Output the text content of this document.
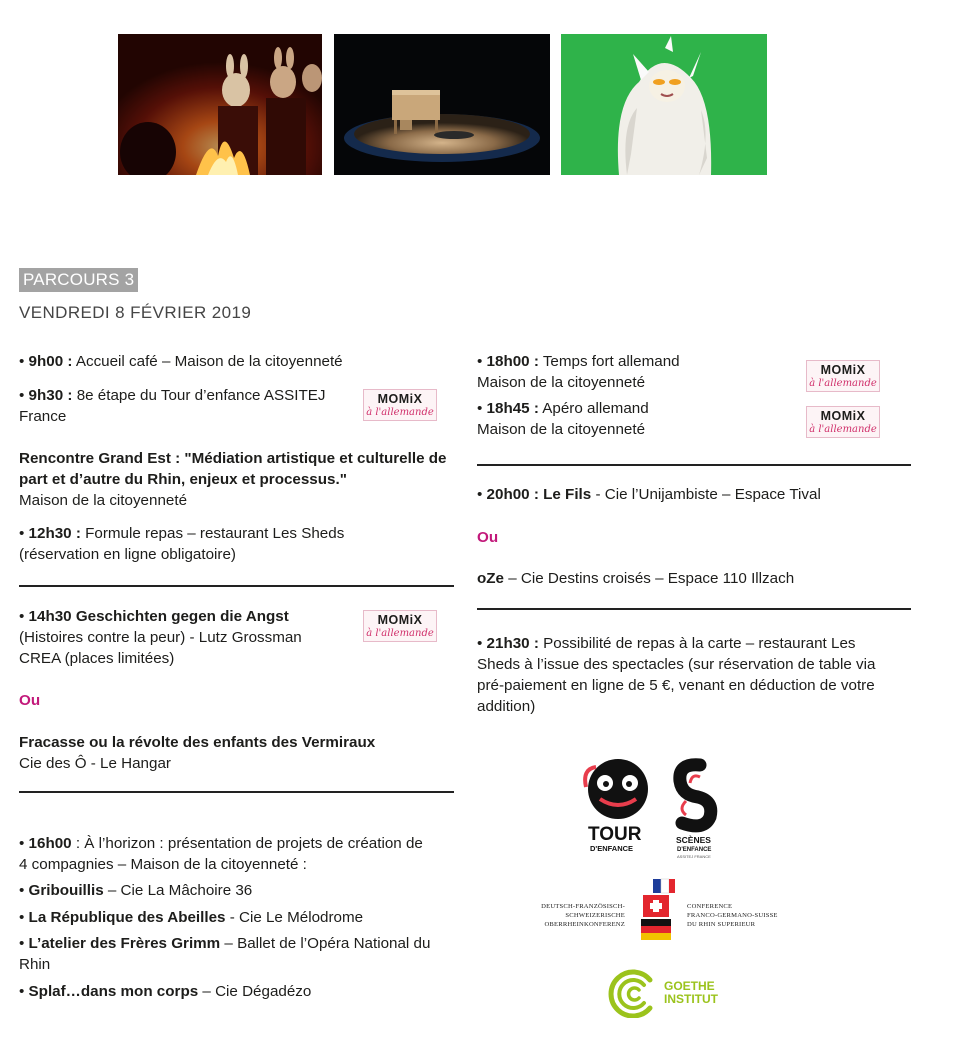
PARCOURS 3
VENDREDI 8 FÉVRIER 2019
• 9h00 : Accueil café – Maison de la citoyenneté
• 9h30 : 8e étape du Tour d’enfance ASSITEJ
France
MOMiX
à l'allemande
Rencontre Grand Est : "Médiation artistique et culturelle de
part et d’autre du Rhin, enjeux et processus."
Maison de la citoyenneté
• 12h30 : Formule repas – restaurant Les Sheds
(réservation en ligne obligatoire)
• 14h30 Geschichten gegen die Angst
(Histoires contre la peur) - Lutz Grossman
CREA (places limitées)
MOMiX
à l'allemande
Ou
Fracasse ou la révolte des enfants des Vermiraux
Cie des Ô - Le Hangar
• 16h00 : À l’horizon : présentation de projets de création de
4 compagnies – Maison de la citoyenneté :
• Gribouillis – Cie La Mâchoire 36
• La République des Abeilles - Cie Le Mélodrome
• L’atelier des Frères Grimm – Ballet de l’Opéra National du
Rhin
• Splaf…dans mon corps – Cie Dégadézo
• 18h00 : Temps fort allemand
Maison de la citoyenneté
MOMiX
à l'allemande
• 18h45 : Apéro allemand
Maison de la citoyenneté
MOMiX
à l'allemande
• 20h00 : Le Fils - Cie l’Unijambiste – Espace Tival
Ou
oZe – Cie Destins croisés – Espace 110 Illzach
• 21h30 : Possibilité de repas à la carte – restaurant Les
Sheds à l’issue des spectacles (sur réservation de table via
pré-paiement en ligne de 5 €, venant en déduction de votre
addition)
TOUR
D'ENFANCE
SCÈNES
D'ENFANCE
ASSITEJ FRANCE
DEUTSCH-FRANZÖSISCH-
SCHWEIZERISCHE
OBERRHEINKONFERENZ
CONFERENCE
FRANCO-GERMANO-SUISSE
DU RHIN SUPERIEUR
GOETHE
INSTITUT
